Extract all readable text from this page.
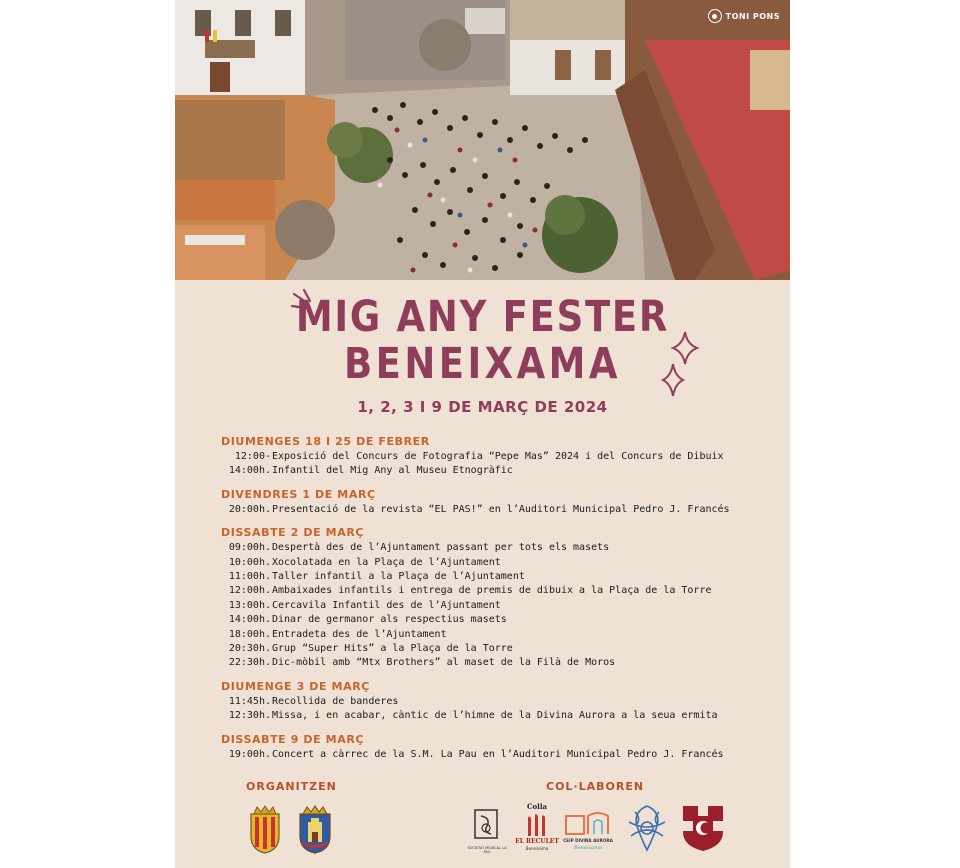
TONI PONS
MIG ANY FESTER
BENEIXAMA
1, 2, 3 I 9 DE MARÇ DE 2024
DIUMENGES 18 I 25 DE FEBRER
12:00- Exposició del Concurs de Fotografia “Pepe Mas” 2024 i del Concurs de Dibuix
14:00h. Infantil del Mig Any al Museu Etnogràfic
DIVENDRES 1 DE MARÇ
20:00h. Presentació de la revista “EL PAS!” en l’Auditori Municipal Pedro J. Francés
DISSABTE 2 DE MARÇ
09:00h. Despertà des de l’Ajuntament passant per tots els masets
10:00h. Xocolatada en la Plaça de l’Ajuntament
11:00h. Taller infantil a la Plaça de l’Ajuntament
12:00h. Ambaixades infantils i entrega de premis de dibuix a la Plaça de la Torre
13:00h. Cercavila Infantil des de l’Ajuntament
14:00h. Dinar de germanor als respectius masets
18:00h. Entradeta des de l’Ajuntament
20:30h. Grup “Super Hits” a la Plaça de la Torre
22:30h. Dic-mòbil amb “Mtx Brothers” al maset de la Filà de Moros
DIUMENGE 3 DE MARÇ
11:45h. Recollida de banderes
12:30h. Missa, i en acabar, càntic de l’himne de la Divina Aurora a la seua ermita
DISSABTE 9 DE MARÇ
19:00h. Concert a càrrec de la S.M. La Pau en l’Auditori Municipal Pedro J. Francés
ORGANITZEN	COL·LABOREN
SOCIETAT MUSICAL LA PAU
Colla
EL RECULET
Beneixama
CEIP DIVINA AURORA
Beneixama
